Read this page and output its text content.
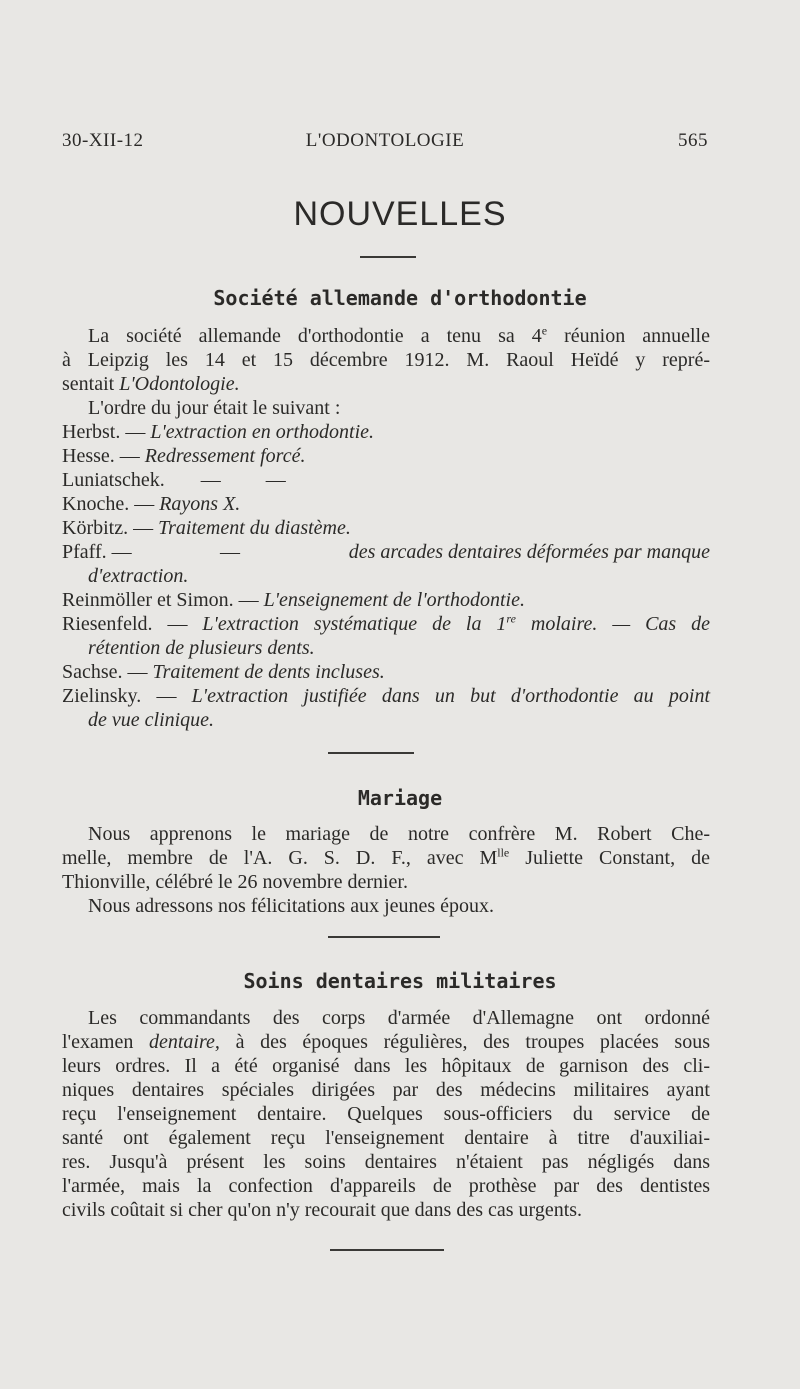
30-XII-12	L'ODONTOLOGIE	565
NOUVELLES
Société allemande d'orthodontie

La société allemande d'orthodontie a tenu sa 4e réunion annuelle

à Leipzig les 14 et 15 décembre 1912. M. Raoul Heïdé y repré-

sentait L'Odontologie.

L'ordre du jour était le suivant :

Herbst. — L'extraction en orthodontie.

Hesse. — Redressement forcé.

Luniatschek. —         —

Knoche. — Rayons X.

Körbitz. — Traitement du diastème.

Pfaff. —	—	des arcades dentaires déformées par manque
d'extraction.

Reinmöller et Simon. — L'enseignement de l'orthodontie.

Riesenfeld. — L'extraction systématique de la 1re molaire. — Cas de

rétention de plusieurs dents.

Sachse. — Traitement de dents incluses.

Zielinsky. — L'extraction justifiée dans un but d'orthodontie au point

de vue clinique.

Mariage

Nous apprenons le mariage de notre confrère M. Robert Che-

melle, membre de l'A. G. S. D. F., avec $M^{lle}$ Juliette Constant, de

Thionville, célébré le 26 novembre dernier.

Nous adressons nos félicitations aux jeunes époux.

Soins dentaires militaires

Les commandants des corps d'armée d'Allemagne ont ordonné

l'examen dentaire, à des époques régulières, des troupes placées sous

leurs ordres. Il a été organisé dans les hôpitaux de garnison des cli-

niques dentaires spéciales dirigées par des médecins militaires ayant

reçu l'enseignement dentaire. Quelques sous-officiers du service de

santé ont également reçu l'enseignement dentaire à titre d'auxiliai-

res. Jusqu'à présent les soins dentaires n'étaient pas négligés dans

l'armée, mais la confection d'appareils de prothèse par des dentistes

civils coûtait si cher qu'on n'y recourait que dans des cas urgents.
